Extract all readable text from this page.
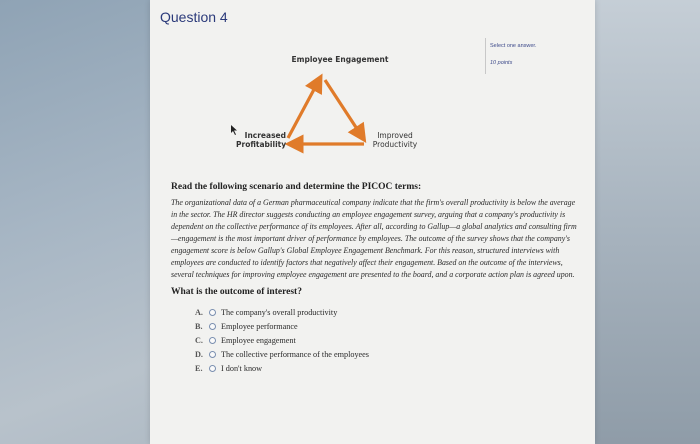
Question 4
Select one answer.
10 points
Employee Engagement
Increased Profitability
Improved Productivity

Read the following scenario and determine the PICOC terms:

The organizational data of a German pharmaceutical company indicate that the firm's overall productivity is below the average in the sector. The HR director suggests conducting an employee engagement survey, arguing that a company's productivity is dependent on the collective performance of its employees. After all, according to Gallup—a global analytics and consulting firm —engagement is the most important driver of performance by employees. The outcome of the survey shows that the company's engagement score is below Gallup's Global Employee Engagement Benchmark. For this reason, structured interviews with employees are conducted to identify factors that negatively affect their engagement. Based on the outcome of the interviews, several techniques for improving employee engagement are presented to the board, and a corporate action plan is agreed upon.

What is the outcome of interest?

A.	The company's overall productivity
B.	Employee performance
C.	Employee engagement
D.	The collective performance of the employees
E.	I don't know
